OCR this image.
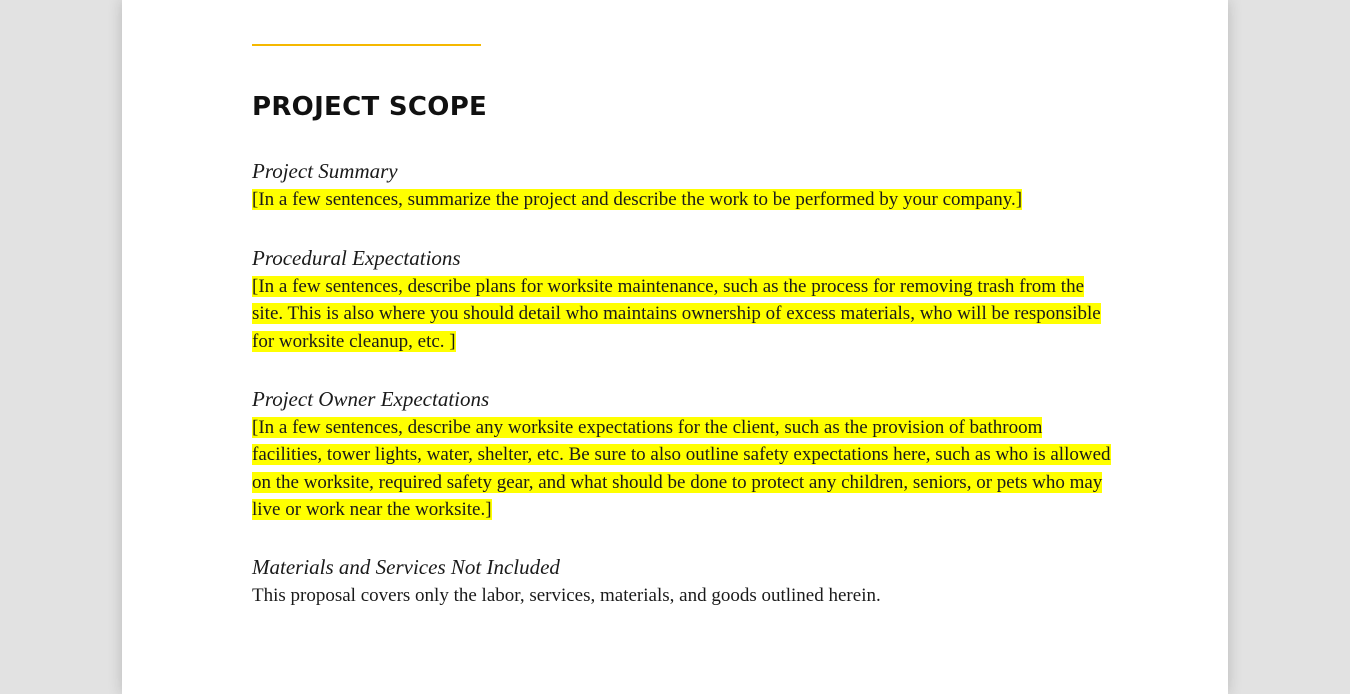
PROJECT SCOPE

Project Summary

[In a few sentences, summarize the project and describe the work to be performed by your company.]

Procedural Expectations

[In a few sentences, describe plans for worksite maintenance, such as the process for removing trash from the site. This is also where you should detail who maintains ownership of excess materials, who will be responsible for worksite cleanup, etc. ]

Project Owner Expectations

[In a few sentences, describe any worksite expectations for the client, such as the provision of bathroom facilities, tower lights, water, shelter, etc. Be sure to also outline safety expectations here, such as who is allowed on the worksite, required safety gear, and what should be done to protect any children, seniors, or pets who may live or work near the worksite.]

Materials and Services Not Included

This proposal covers only the labor, services, materials, and goods outlined herein.
